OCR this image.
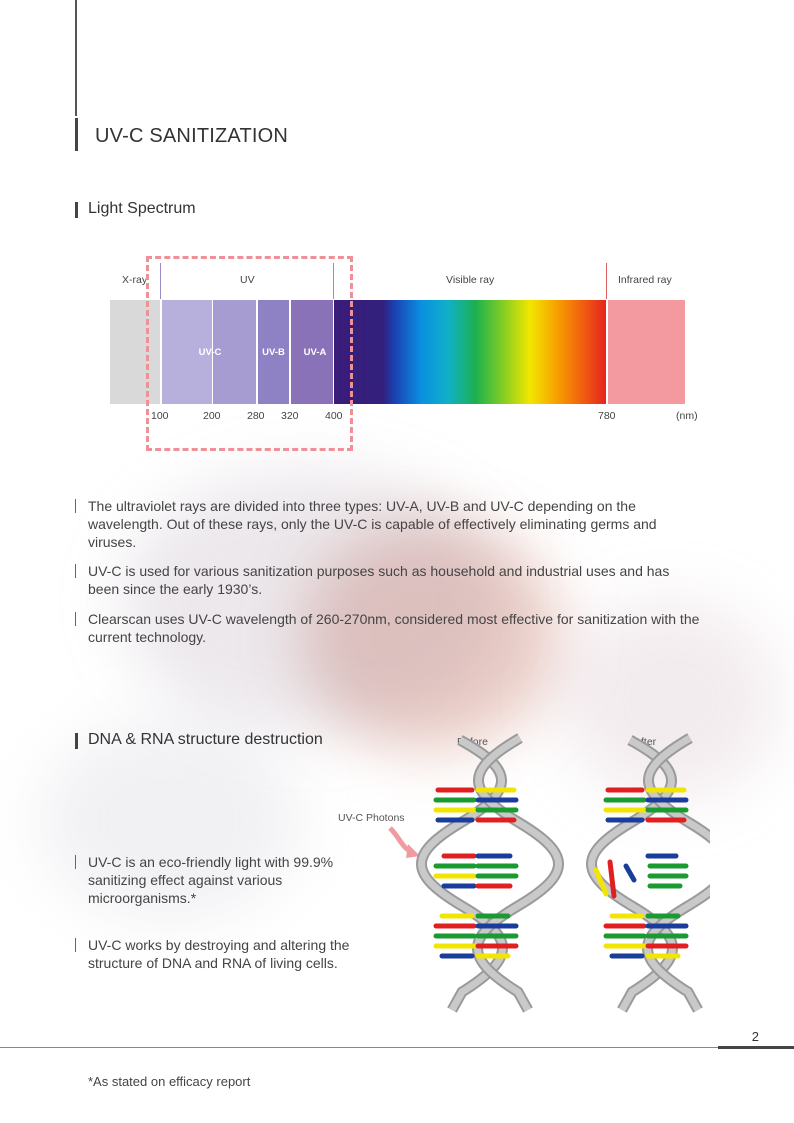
UV-C SANITIZATION
Light Spectrum
X-ray	UV	Visible ray	Infrared ray
UV-C	UV-B	UV-A
100	200	280 320	400	780	(nm)
The ultraviolet rays are divided into three types: UV-A, UV-B and UV-C depending on the wavelength. Out of these rays, only the UV-C is capable of effectively eliminating germs and viruses.
UV-C is used for various sanitization purposes such as household and industrial uses and has been since the early 1930’s.
Clearscan uses UV-C wavelength of 260-270nm, considered most effective for sanitization with the current technology.
DNA & RNA structure destruction
UV-C is an eco-friendly light with 99.9% sanitizing effect against various microorganisms.*
UV-C works by destroying and altering the structure of DNA and RNA of living cells.
Before	After
UV-C Photons
2
*As stated on efficacy report
